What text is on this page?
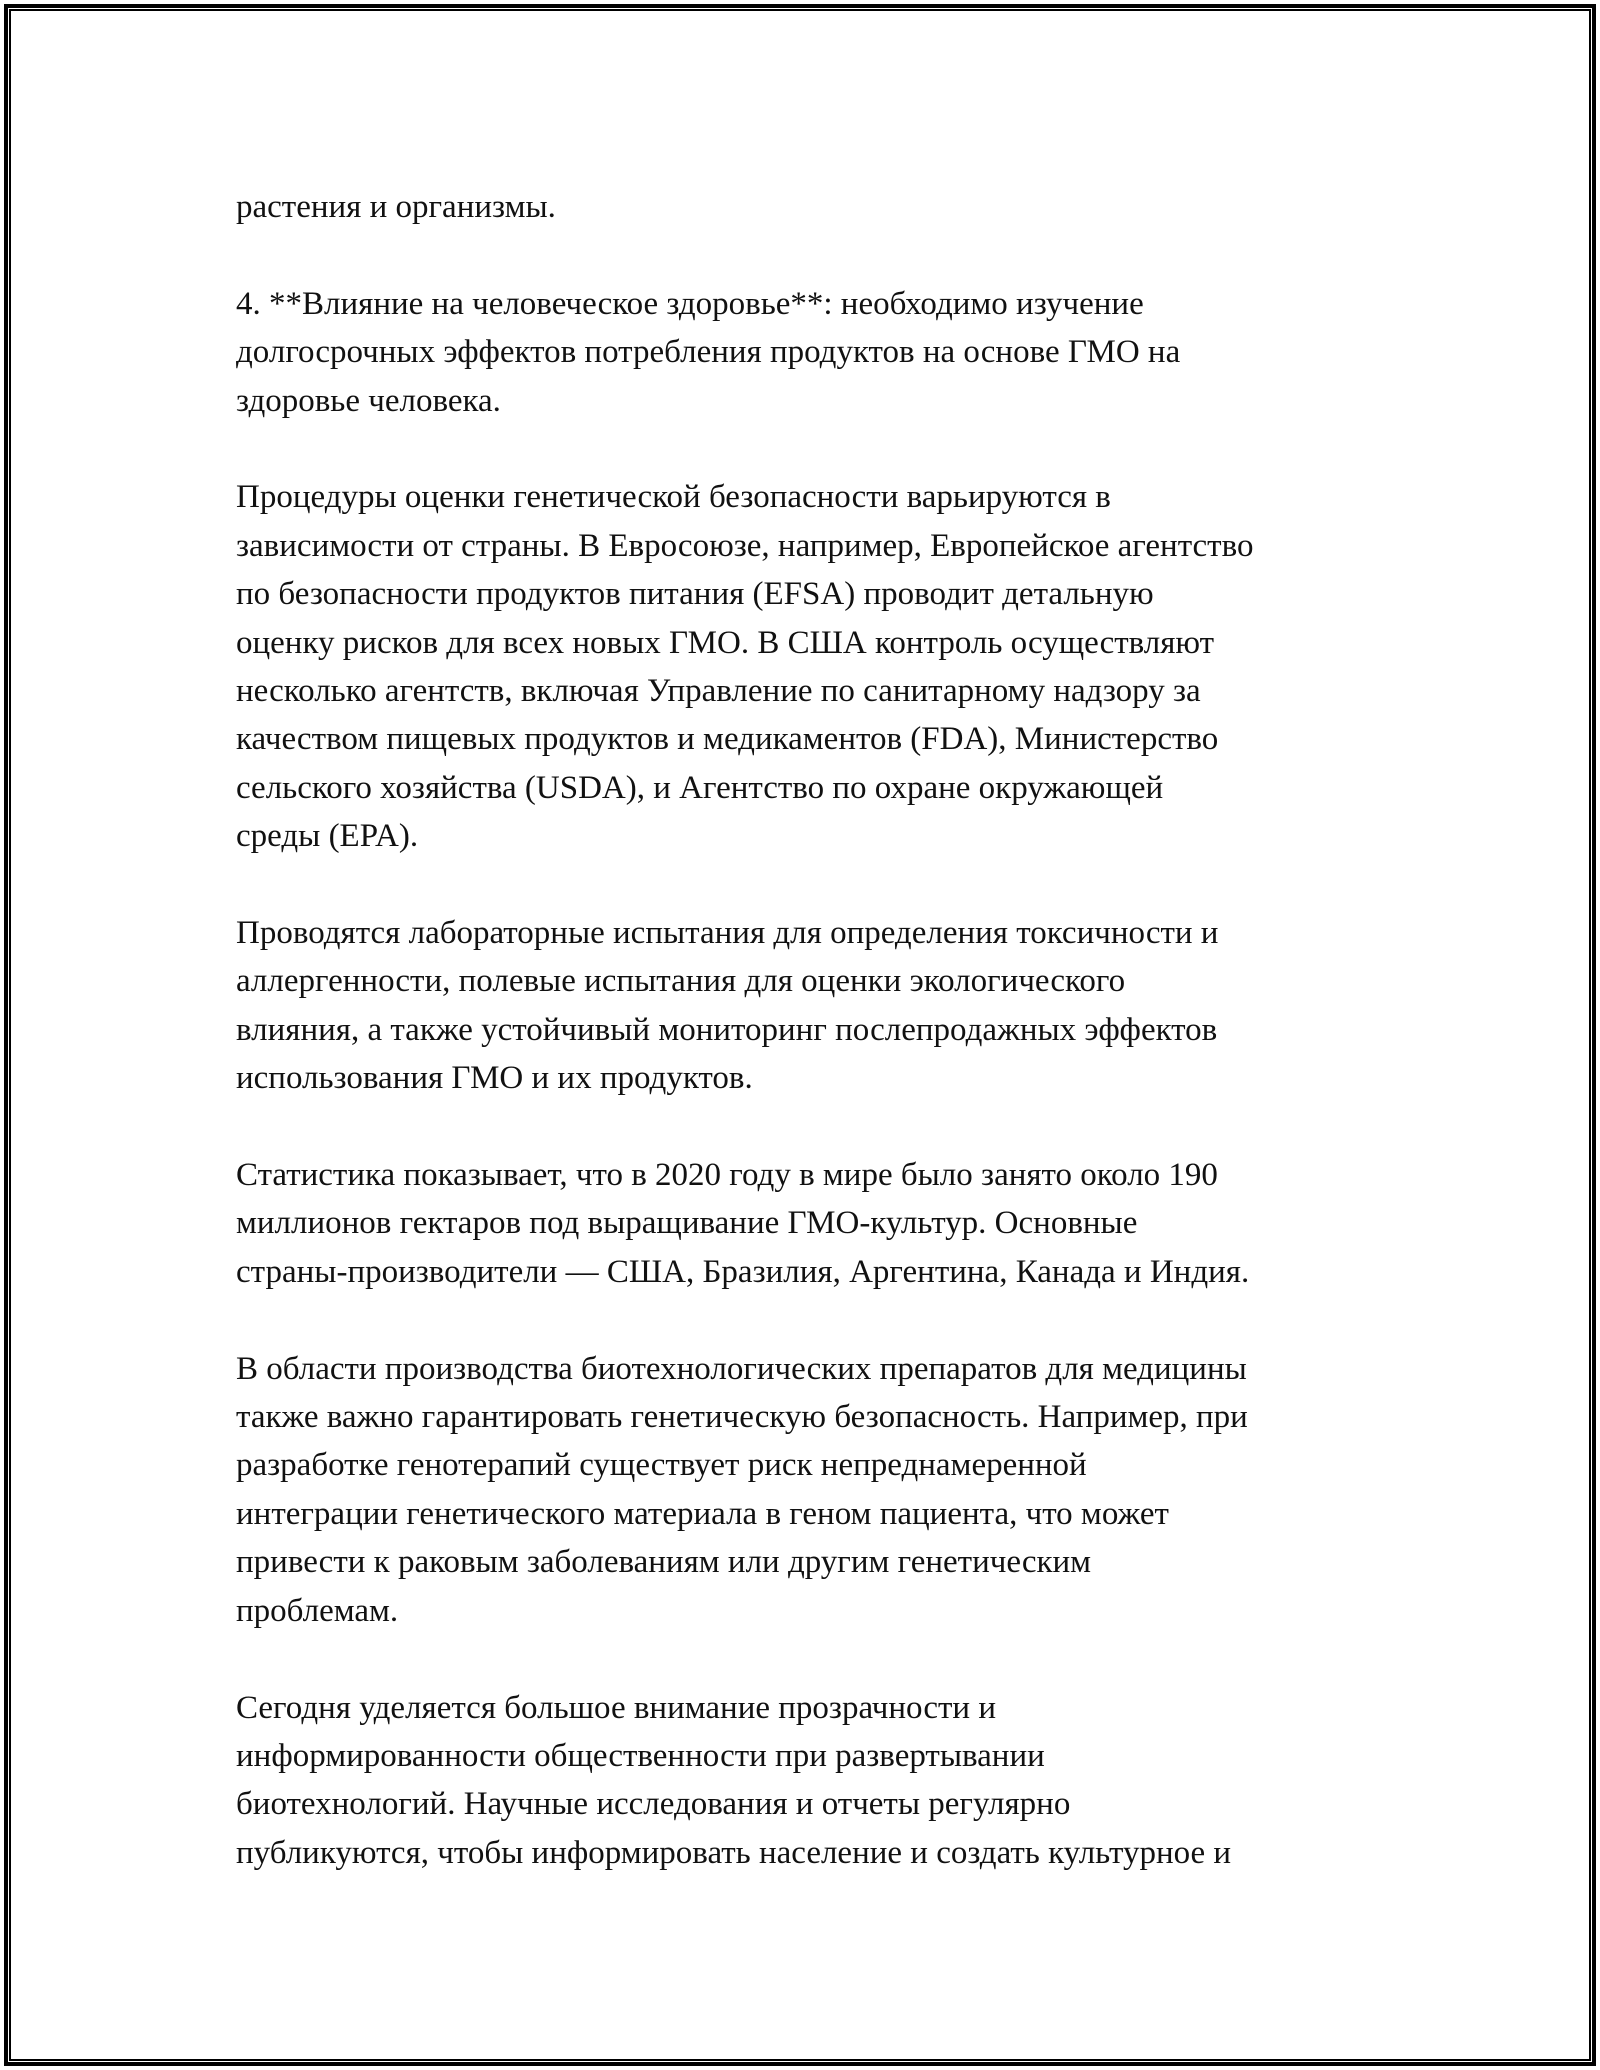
растения и организмы.

4. **Влияние на человеческое здоровье**: необходимо изучение
долгосрочных эффектов потребления продуктов на основе ГМО на
здоровье человека.

Процедуры оценки генетической безопасности варьируются в
зависимости от страны. В Евросоюзе, например, Европейское агентство
по безопасности продуктов питания (EFSA) проводит детальную
оценку рисков для всех новых ГМО. В США контроль осуществляют
несколько агентств, включая Управление по санитарному надзору за
качеством пищевых продуктов и медикаментов (FDA), Министерство
сельского хозяйства (USDA), и Агентство по охране окружающей
среды (EPA).

Проводятся лабораторные испытания для определения токсичности и
аллергенности, полевые испытания для оценки экологического
влияния, а также устойчивый мониторинг послепродажных эффектов
использования ГМО и их продуктов.

Статистика показывает, что в 2020 году в мире было занято около 190
миллионов гектаров под выращивание ГМО-культур. Основные
страны-производители — США, Бразилия, Аргентина, Канада и Индия.

В области производства биотехнологических препаратов для медицины
также важно гарантировать генетическую безопасность. Например, при
разработке генотерапий существует риск непреднамеренной
интеграции генетического материала в геном пациента, что может
привести к раковым заболеваниям или другим генетическим
проблемам.

Сегодня уделяется большое внимание прозрачности и
информированности общественности при развертывании
биотехнологий. Научные исследования и отчеты регулярно
публикуются, чтобы информировать население и создать культурное и
